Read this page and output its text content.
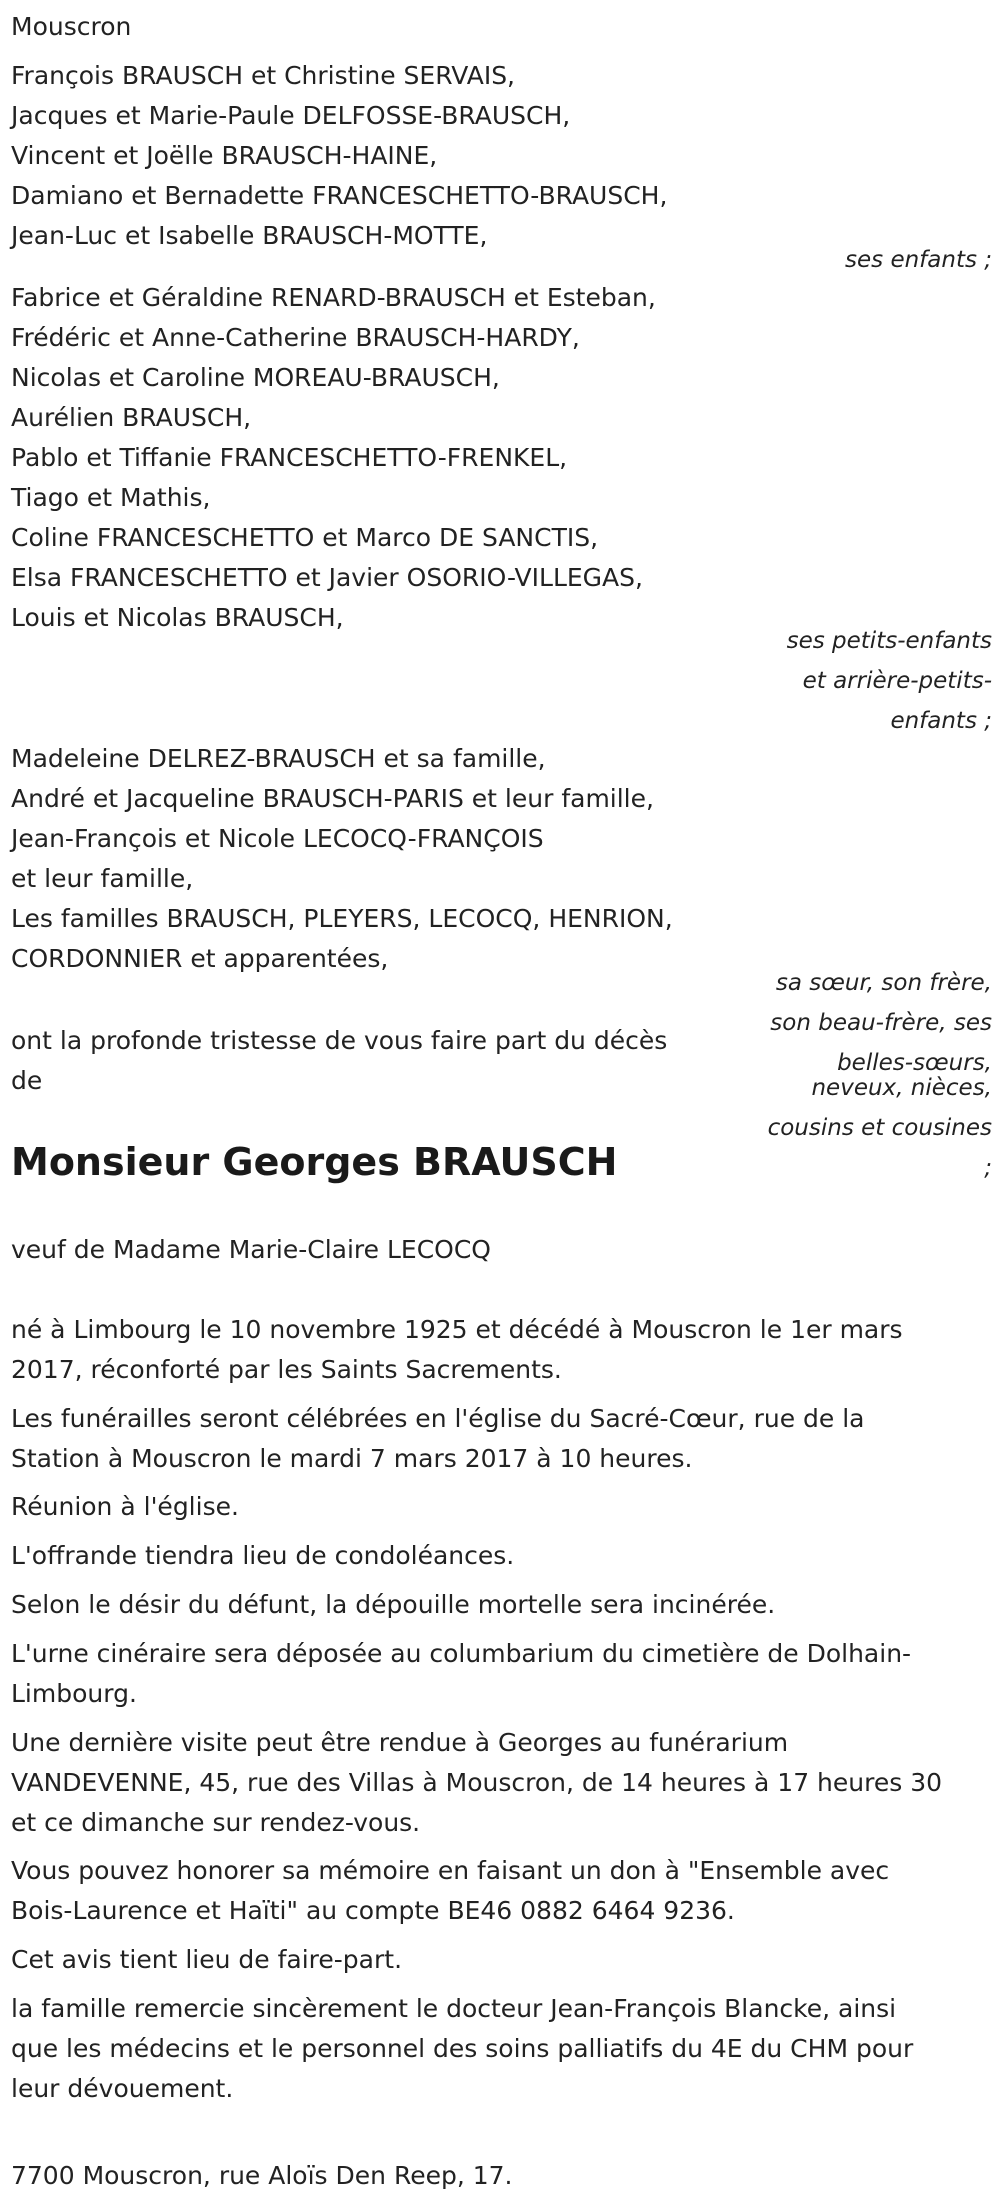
Mouscron

François BRAUSCH et Christine SERVAIS,

Jacques et Marie-Paule DELFOSSE-BRAUSCH,

Vincent et Joëlle BRAUSCH-HAINE,

Damiano et Bernadette FRANCESCHETTO-BRAUSCH,

Jean-Luc et Isabelle BRAUSCH-MOTTE,

ses enfants ;

Fabrice et Géraldine RENARD-BRAUSCH et Esteban,

Frédéric et Anne-Catherine BRAUSCH-HARDY,

Nicolas et Caroline MOREAU-BRAUSCH,

Aurélien BRAUSCH,

Pablo et Tiffanie FRANCESCHETTO-FRENKEL,

Tiago et Mathis,

Coline FRANCESCHETTO et Marco DE SANCTIS,

Elsa FRANCESCHETTO et Javier OSORIO-VILLEGAS,

Louis et Nicolas BRAUSCH,

ses petits-enfants

et arrière-petits-

enfants ;

Madeleine DELREZ-BRAUSCH et sa famille,

André et Jacqueline BRAUSCH-PARIS et leur famille,

Jean-François et Nicole LECOCQ-FRANÇOIS

et leur famille,

Les familles BRAUSCH, PLEYERS, LECOCQ, HENRION,

CORDONNIER et apparentées,

sa sœur, son frère,

son beau-frère, ses

belles-sœurs,

neveux, nièces,

cousins et cousines

;

ont la profonde tristesse de vous faire part du décès

de

Monsieur Georges BRAUSCH

veuf de Madame Marie-Claire LECOCQ

né à Limbourg le 10 novembre 1925 et décédé à Mouscron le 1er mars

2017, réconforté par les Saints Sacrements.

Les funérailles seront célébrées en l'église du Sacré-Cœur, rue de la

Station à Mouscron le mardi 7 mars 2017 à 10 heures.

Réunion à l'église.

L'offrande tiendra lieu de condoléances.

Selon le désir du défunt, la dépouille mortelle sera incinérée.

L'urne cinéraire sera déposée au columbarium du cimetière de Dolhain-

Limbourg.

Une dernière visite peut être rendue à Georges au funérarium

VANDEVENNE, 45, rue des Villas à Mouscron, de 14 heures à 17 heures 30

et ce dimanche sur rendez-vous.

Vous pouvez honorer sa mémoire en faisant un don à "Ensemble avec

Bois-Laurence et Haïti" au compte BE46 0882 6464 9236.

Cet avis tient lieu de faire-part.

la famille remercie sincèrement le docteur Jean-François Blancke, ainsi

que les médecins et le personnel des soins palliatifs du 4E du CHM pour

leur dévouement.

7700 Mouscron, rue Aloïs Den Reep, 17.
